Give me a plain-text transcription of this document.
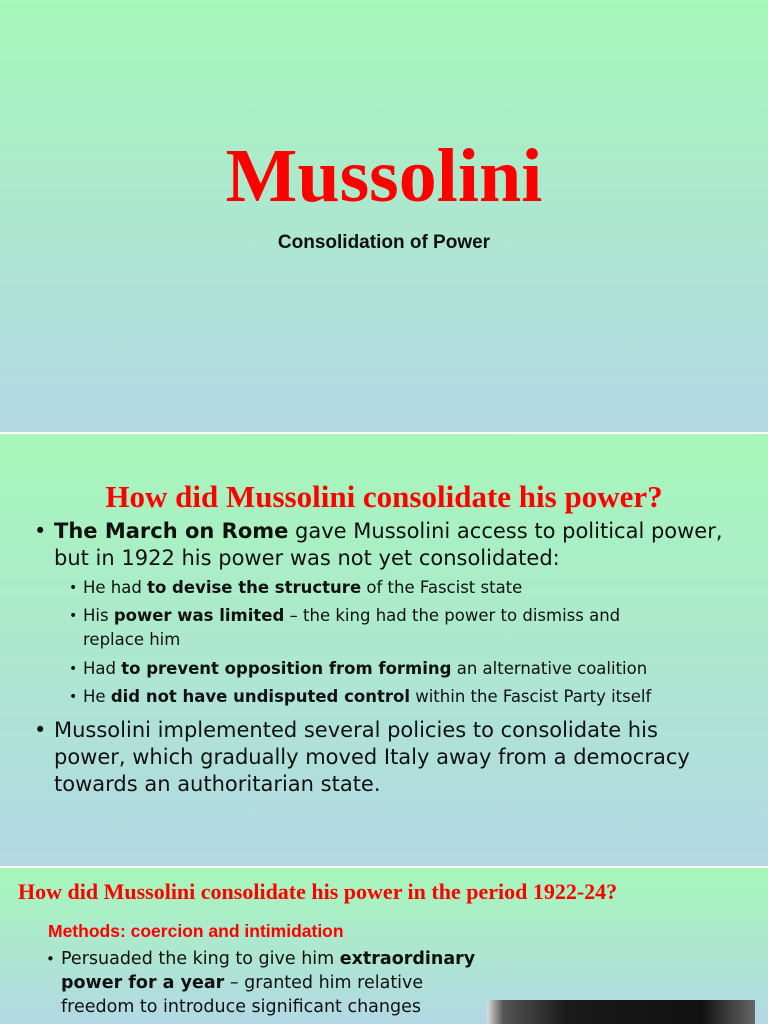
Mussolini
Consolidation of Power
How did Mussolini consolidate his power?
• The March on Rome gave Mussolini access to political power,
but in 1922 his power was not yet consolidated:
• He had to devise the structure of the Fascist state
• His power was limited – the king had the power to dismiss and
replace him
• Had to prevent opposition from forming an alternative coalition
• He did not have undisputed control within the Fascist Party itself
• Mussolini implemented several policies to consolidate his
power, which gradually moved Italy away from a democracy
towards an authoritarian state.
How did Mussolini consolidate his power in the period 1922-24?
Methods: coercion and intimidation
• Persuaded the king to give him extraordinary
power for a year – granted him relative
freedom to introduce significant changes
